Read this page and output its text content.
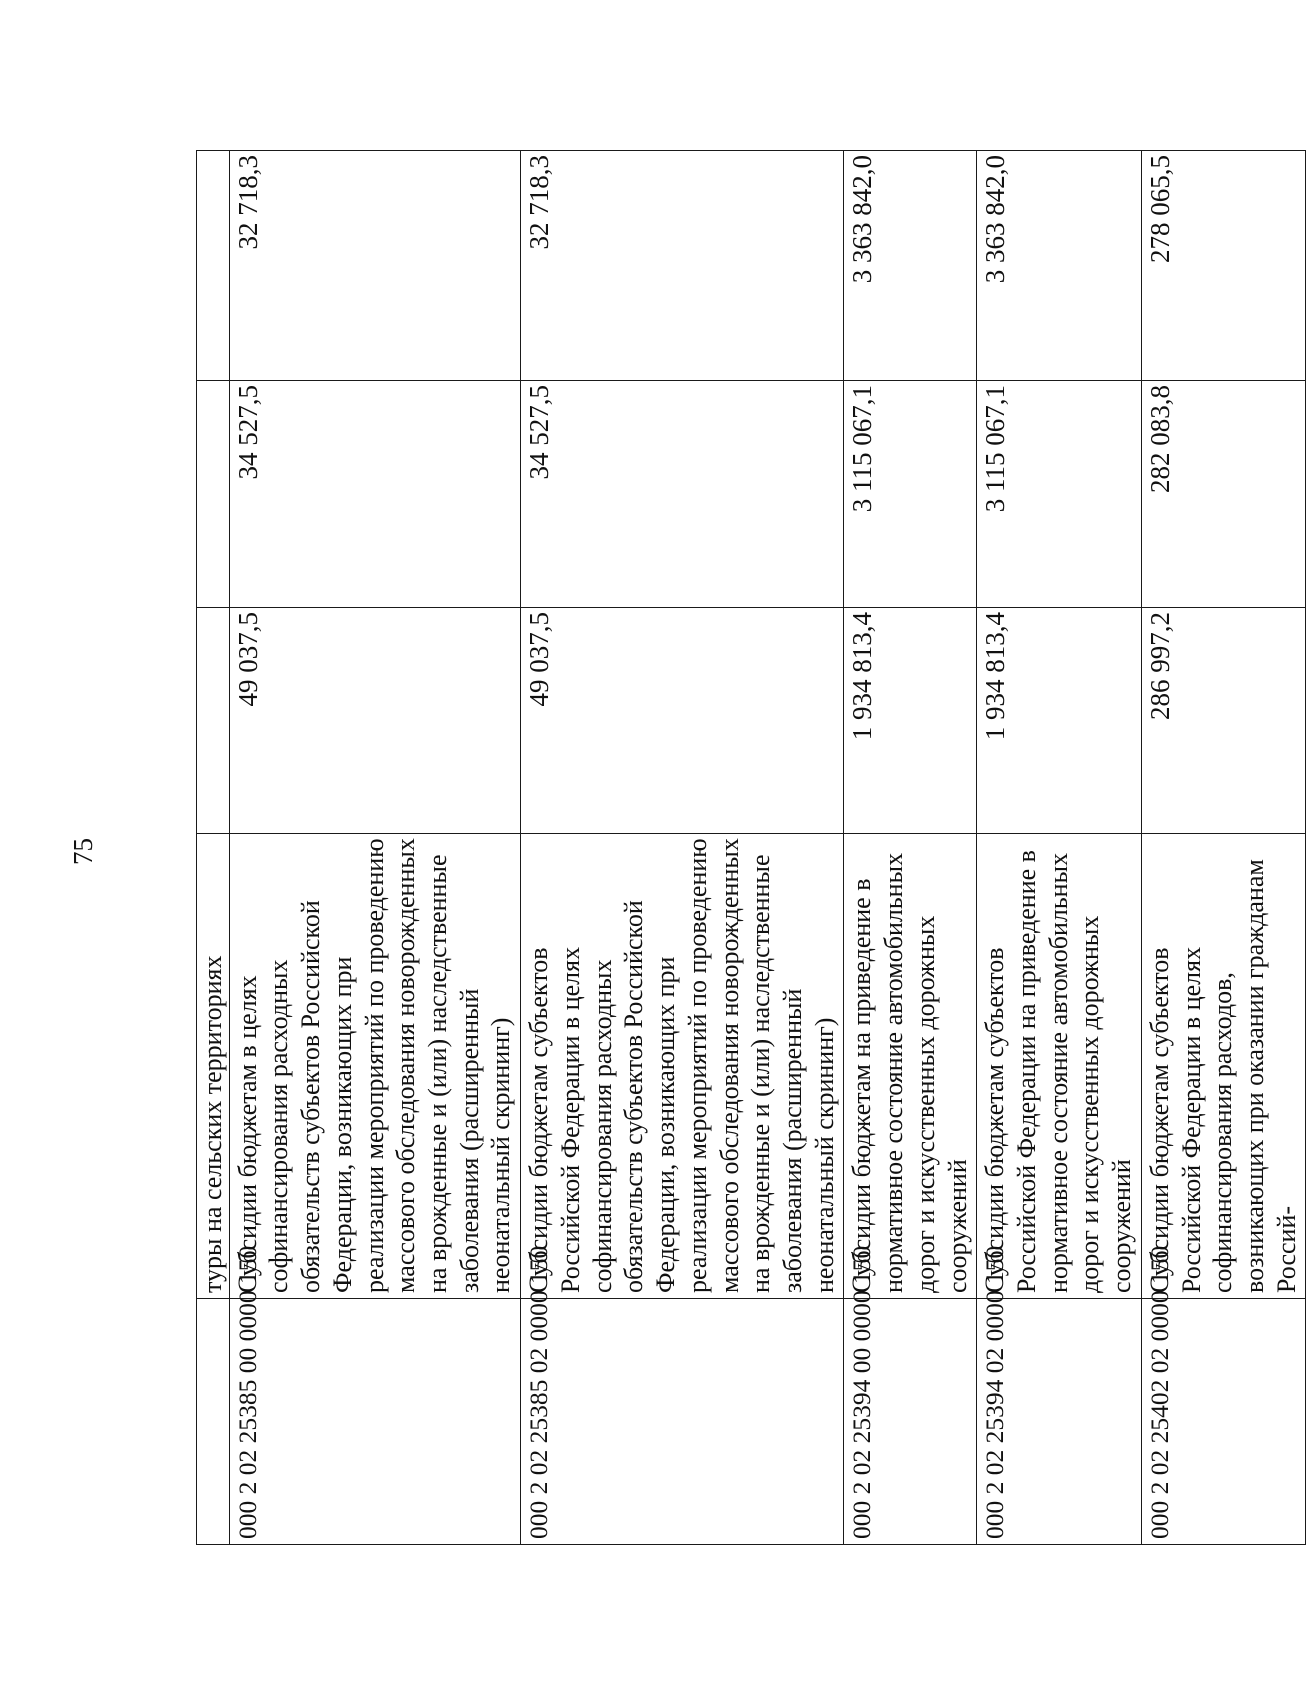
75
	туры на сельских территориях			
000 2 02 25385 00 0000 150	Субсидии бюджетам в целях софинансирования расходных обязательств субъектов Российской Федерации, возникающих при реализации мероприятий по проведению массового обследования новорожденных на врожденные и (или) наследственные заболевания (расширенный неонатальный скрининг)	49 037,5	34 527,5	32 718,3
000 2 02 25385 02 0000 150	Субсидии бюджетам субъектов Российской Федерации в целях софинансирования расходных обязательств субъектов Российской Федерации, возникающих при реализации мероприятий по проведению массового обследования новорожденных на врожденные и (или) наследственные заболевания (расширенный неонатальный скрининг)	49 037,5	34 527,5	32 718,3
000 2 02 25394 00 0000 150	Субсидии бюджетам на приведение в нормативное состояние автомобильных дорог и искусственных дорожных сооружений	1 934 813,4	3 115 067,1	3 363 842,0
000 2 02 25394 02 0000 150	Субсидии бюджетам субъектов Российской Федерации на приведение в нормативное состояние автомобильных дорог и искусственных дорожных сооружений	1 934 813,4	3 115 067,1	3 363 842,0
000 2 02 25402 02 0000 150	Субсидии бюджетам субъектов Российской Федерации в целях софинансирования расходов, возникающих при оказании гражданам Россий-	286 997,2	282 083,8	278 065,5
